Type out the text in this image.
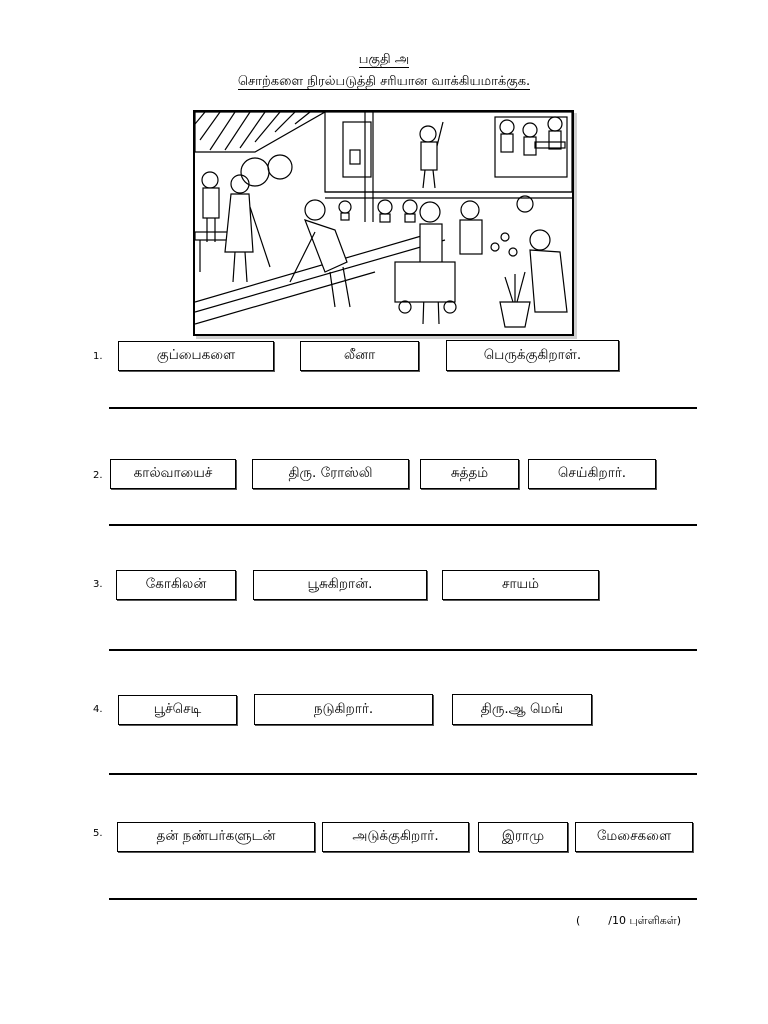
பகுதி அ
சொற்களை நிரல்படுத்தி சரியான வாக்கியமாக்குக.
1.	குப்பைகளை	லீனா	பெருக்குகிறாள்.
2.	கால்வாயைச்	திரு. ரோஸ்லி	சுத்தம்	செய்கிறார்.
3.	கோகிலன்	பூசுகிறான்.	சாயம்
4.	பூச்செடி	நடுகிறார்.	திரு.ஆ மெங்
5.	தன் நண்பர்களுடன்	அடுக்குகிறார்.	இராமு	மேசைகளை
(	/10 புள்ளிகள்)
